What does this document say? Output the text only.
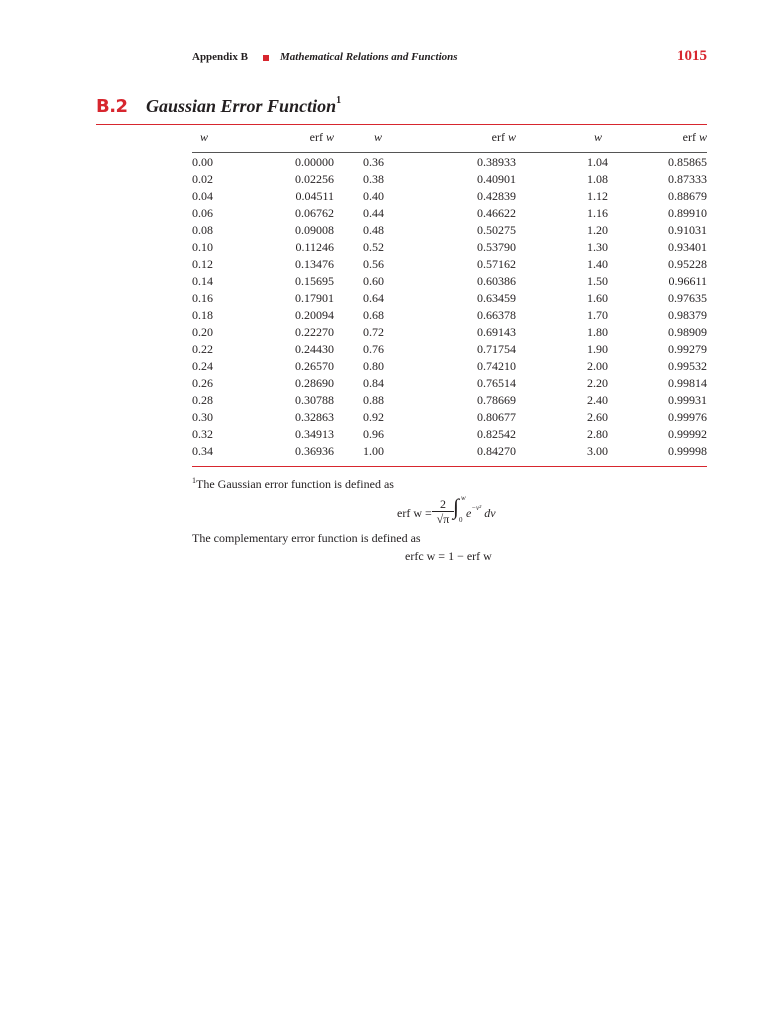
Appendix B	Mathematical Relations and Functions	1015
B.2 Gaussian Error Function$^1$
w	erf w	w	erf w	w	erf w

0.00	0.00000	0.36	0.38933	1.04	0.85865
0.02	0.02256	0.38	0.40901	1.08	0.87333
0.04	0.04511	0.40	0.42839	1.12	0.88679
0.06	0.06762	0.44	0.46622	1.16	0.89910
0.08	0.09008	0.48	0.50275	1.20	0.91031
0.10	0.11246	0.52	0.53790	1.30	0.93401
0.12	0.13476	0.56	0.57162	1.40	0.95228
0.14	0.15695	0.60	0.60386	1.50	0.96611
0.16	0.17901	0.64	0.63459	1.60	0.97635
0.18	0.20094	0.68	0.66378	1.70	0.98379
0.20	0.22270	0.72	0.69143	1.80	0.98909
0.22	0.24430	0.76	0.71754	1.90	0.99279
0.24	0.26570	0.80	0.74210	2.00	0.99532
0.26	0.28690	0.84	0.76514	2.20	0.99814
0.28	0.30788	0.88	0.78669	2.40	0.99931
0.30	0.32863	0.92	0.80677	2.60	0.99976
0.32	0.34913	0.96	0.82542	2.80	0.99992
0.34	0.36936	1.00	0.84270	3.00	0.99998
$^1$The Gaussian error function is defined as
erf w =
2
√π ∫ w
0 $e^{-v^2}$ dv
The complementary error function is defined as
erfc w = 1 − erf w
